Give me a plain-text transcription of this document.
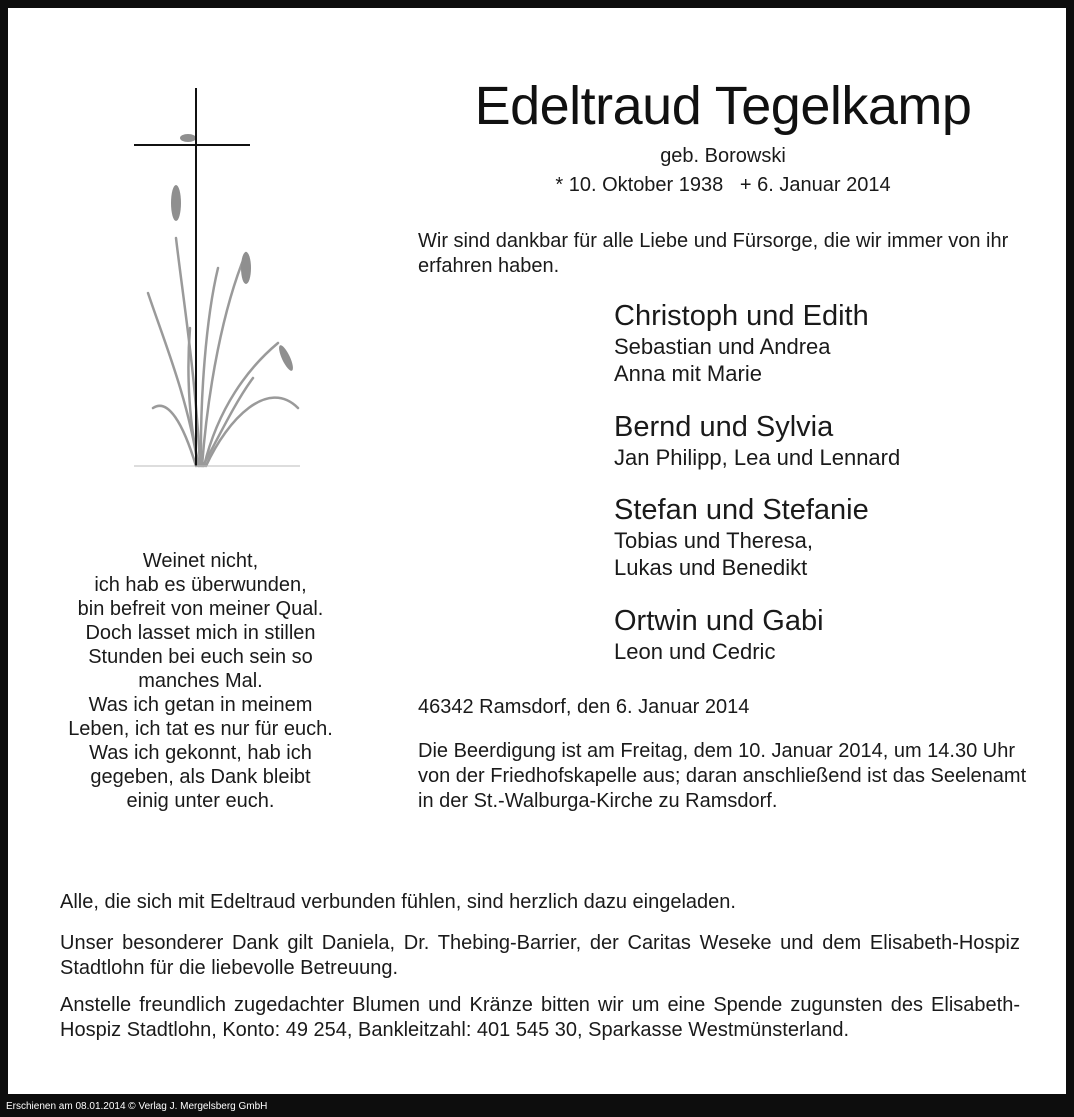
Edeltraud Tegelkamp
geb. Borowski
* 10. Oktober 1938   + 6. Januar 2014
Wir sind dankbar für alle Liebe und Fürsorge, die wir immer von ihr erfahren haben.
Christoph und Edith
Sebastian und Andrea
Anna mit Marie
Bernd und Sylvia
Jan Philipp, Lea und Lennard
Stefan und Stefanie
Tobias und Theresa,
Lukas und Benedikt
Ortwin und Gabi
Leon und Cedric
Weinet nicht,
ich hab es überwunden,
bin befreit von meiner Qual.
Doch lasset mich in stillen
Stunden bei euch sein so
manches Mal.
Was ich getan in meinem
Leben, ich tat es nur für euch.
Was ich gekonnt, hab ich
gegeben, als Dank bleibt
einig unter euch.
46342 Ramsdorf, den 6. Januar 2014
Die Beerdigung ist am Freitag, dem 10. Januar 2014, um 14.30 Uhr von der Friedhofskapelle aus; daran anschließend ist das Seelenamt in der St.-Walburga-Kirche zu Ramsdorf.
Alle, die sich mit Edeltraud verbunden fühlen, sind herzlich dazu eingeladen.
Unser besonderer Dank gilt Daniela, Dr. Thebing-Barrier, der Caritas Weseke und dem Elisabeth-Hospiz Stadtlohn für die liebevolle Betreuung.
Anstelle freundlich zugedachter Blumen und Kränze bitten wir um eine Spende zugunsten des Elisabeth-Hospiz Stadtlohn, Konto: 49 254, Bankleitzahl: 401 545 30, Sparkasse Westmünsterland.
Erschienen am 08.01.2014 © Verlag J. Mergelsberg GmbH
